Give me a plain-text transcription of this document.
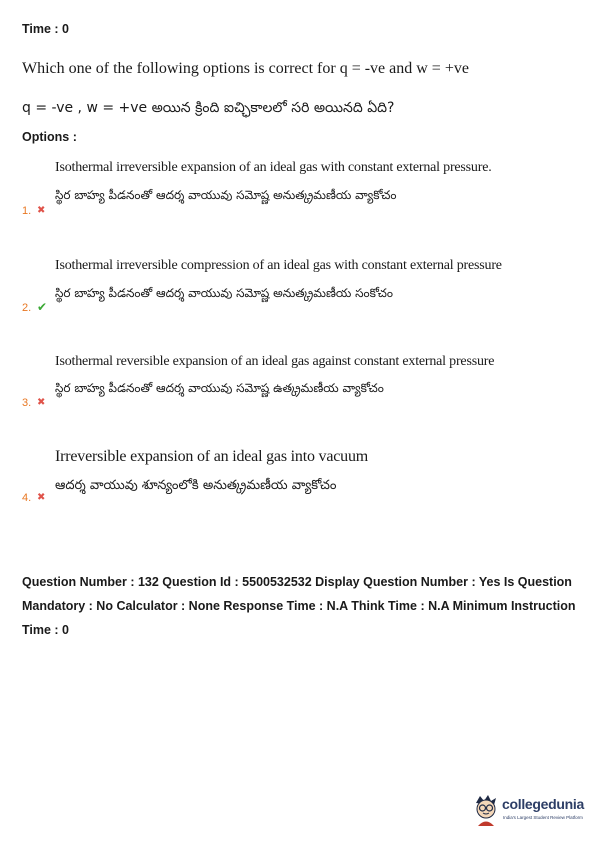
Time : 0
Which one of the following options is correct for q = -ve and w = +ve
q = -ve , w = +ve అయిన క్రింది ఐచ్ఛికాలలో సరి అయినది ఏది?
Options :
Isothermal irreversible expansion of an ideal gas with constant external pressure.
స్థిర బాహ్య పీడనంతో ఆదర్శ వాయువు సమోష్ణ అనుత్క్రమణీయ వ్యాకోచం
1. ✖
Isothermal irreversible compression of an ideal gas with constant external pressure
స్థిర బాహ్య పీడనంతో ఆదర్శ వాయువు సమోష్ణ అనుత్క్రమణీయ సంకోచం
2. ✔
Isothermal reversible expansion of an ideal gas against constant external pressure
స్థిర బాహ్య పీడనంతో ఆదర్శ వాయువు సమోష్ణ ఉత్క్రమణీయ వ్యాకోచం
3. ✖
Irreversible expansion of an ideal gas into vacuum
ఆదర్శ వాయువు శూన్యంలోకి అనుత్క్రమణీయ వ్యాకోచం
4. ✖
Question Number : 132 Question Id : 5500532532 Display Question Number : Yes Is Question Mandatory : No Calculator : None Response Time : N.A Think Time : N.A Minimum Instruction Time : 0
collegedunia
India's Largest Student Review Platform
